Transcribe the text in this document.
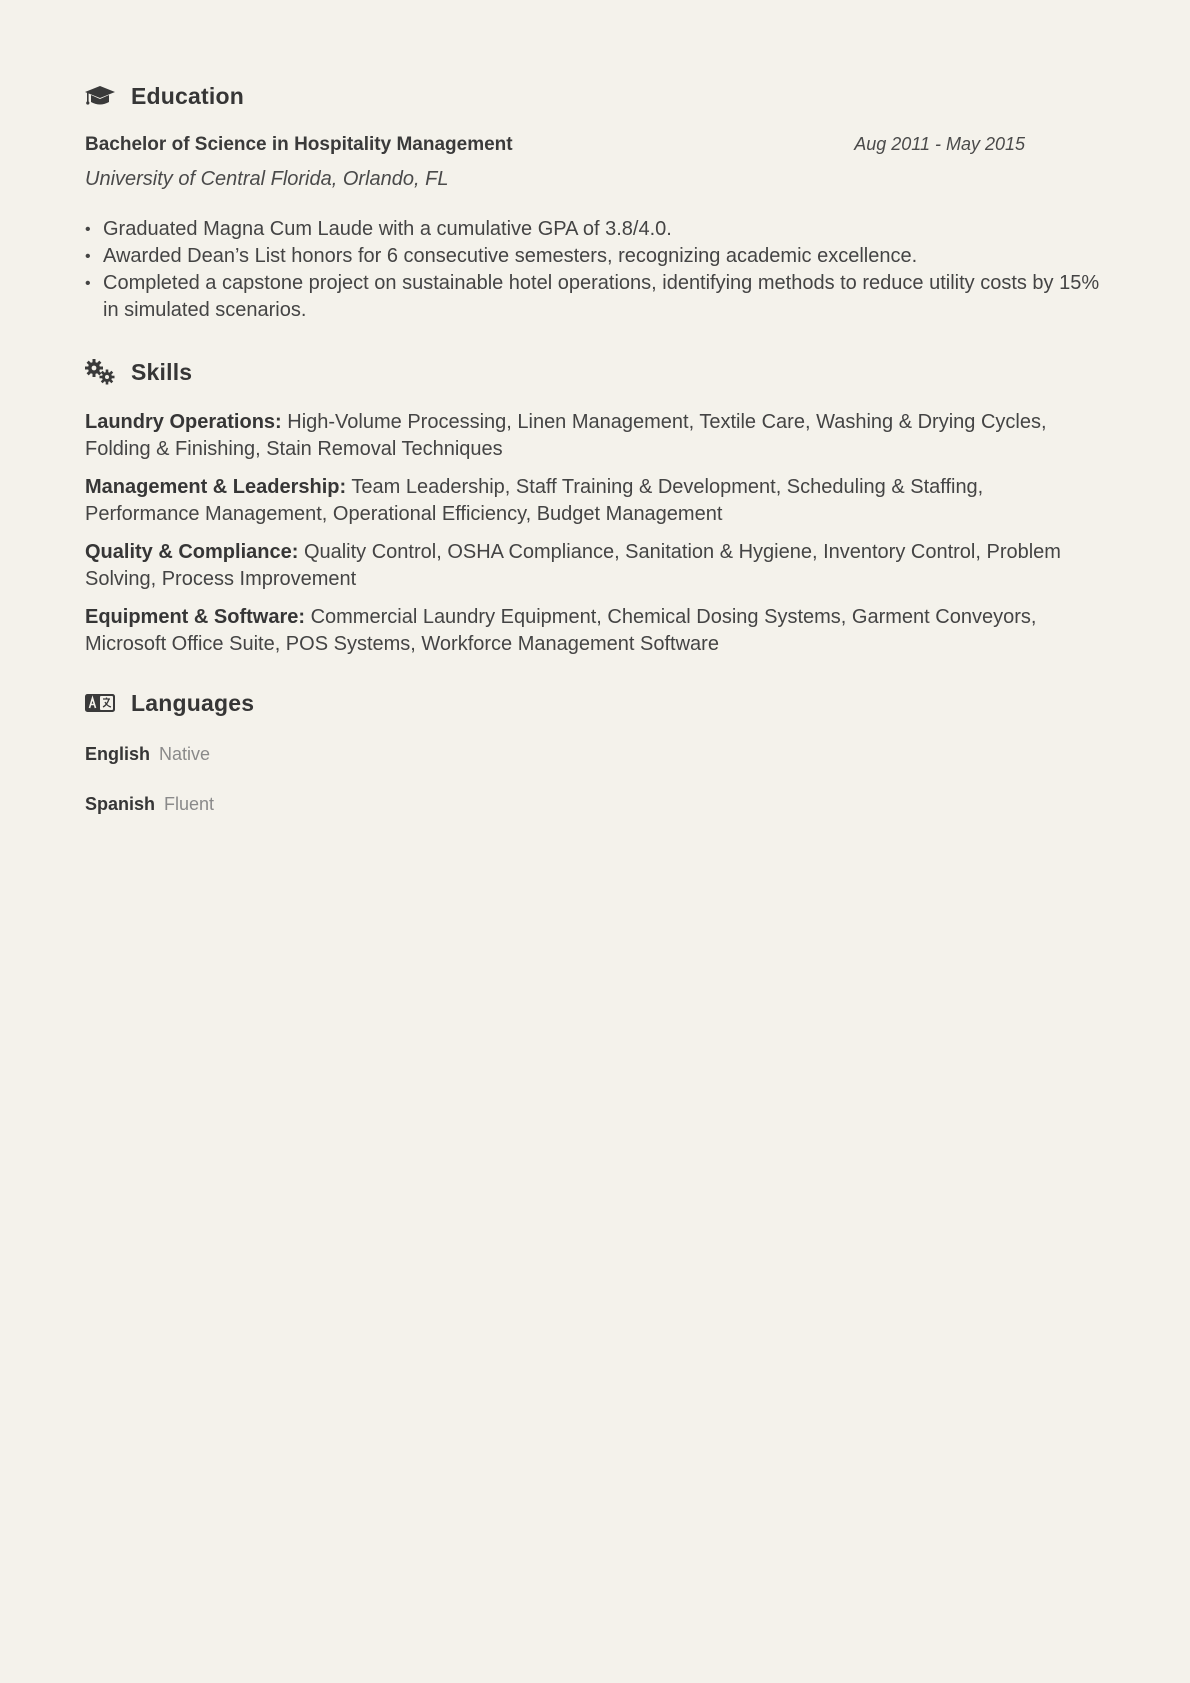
Education
Bachelor of Science in Hospitality Management	Aug 2011 - May 2015
University of Central Florida, Orlando, FL
• Graduated Magna Cum Laude with a cumulative GPA of 3.8/4.0.
• Awarded Dean’s List honors for 6 consecutive semesters, recognizing academic excellence.
• Completed a capstone project on sustainable hotel operations, identifying methods to reduce utility costs by 15% in simulated scenarios.
Skills
Laundry Operations: High-Volume Processing, Linen Management, Textile Care, Washing & Drying Cycles, Folding & Finishing, Stain Removal Techniques
Management & Leadership: Team Leadership, Staff Training & Development, Scheduling & Staffing, Performance Management, Operational Efficiency, Budget Management
Quality & Compliance: Quality Control, OSHA Compliance, Sanitation & Hygiene, Inventory Control, Problem Solving, Process Improvement
Equipment & Software: Commercial Laundry Equipment, Chemical Dosing Systems, Garment Conveyors, Microsoft Office Suite, POS Systems, Workforce Management Software
Languages
English Native
Spanish Fluent
